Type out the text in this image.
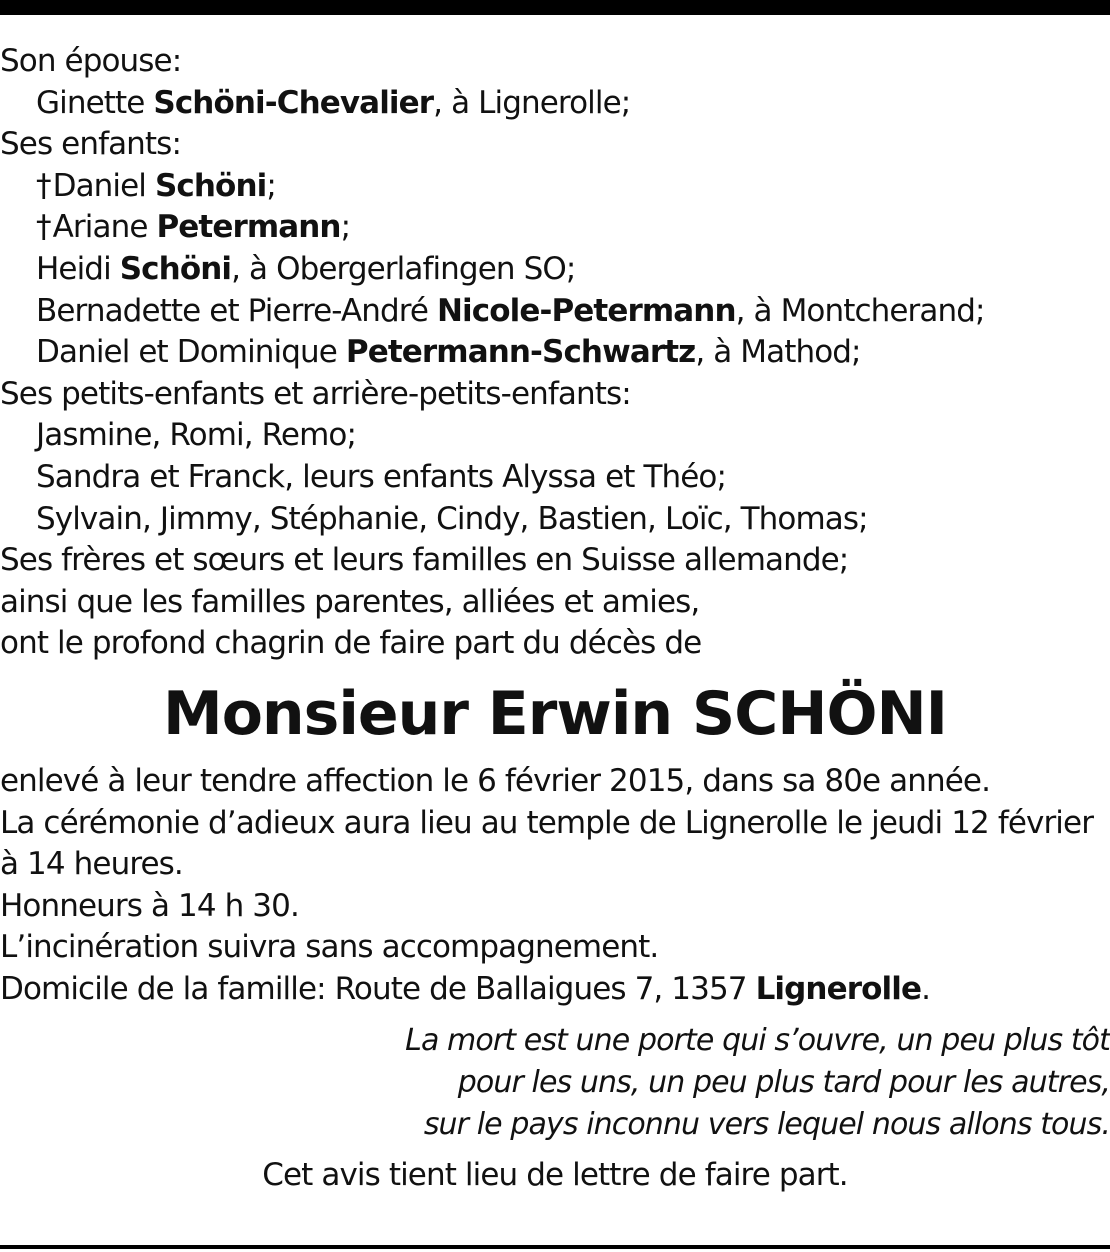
Son épouse:
Ginette Schöni-Chevalier, à Lignerolle;
Ses enfants:
†Daniel Schöni;
†Ariane Petermann;
Heidi Schöni, à Obergerlafingen SO;
Bernadette et Pierre-André Nicole-Petermann, à Montcherand;
Daniel et Dominique Petermann-Schwartz, à Mathod;
Ses petits-enfants et arrière-petits-enfants:
Jasmine, Romi, Remo;
Sandra et Franck, leurs enfants Alyssa et Théo;
Sylvain, Jimmy, Stéphanie, Cindy, Bastien, Loïc, Thomas;
Ses frères et sœurs et leurs familles en Suisse allemande;
ainsi que les familles parentes, alliées et amies,
ont le profond chagrin de faire part du décès de
Monsieur Erwin SCHÖNI
enlevé à leur tendre affection le 6 février 2015, dans sa 80e année.
La cérémonie d’adieux aura lieu au temple de Lignerolle le jeudi 12 février
à 14 heures.
Honneurs à 14 h 30.
L’incinération suivra sans accompagnement.
Domicile de la famille: Route de Ballaigues 7, 1357 Lignerolle.
La mort est une porte qui s’ouvre, un peu plus tôt
pour les uns, un peu plus tard pour les autres,
sur le pays inconnu vers lequel nous allons tous.
Cet avis tient lieu de lettre de faire part.
